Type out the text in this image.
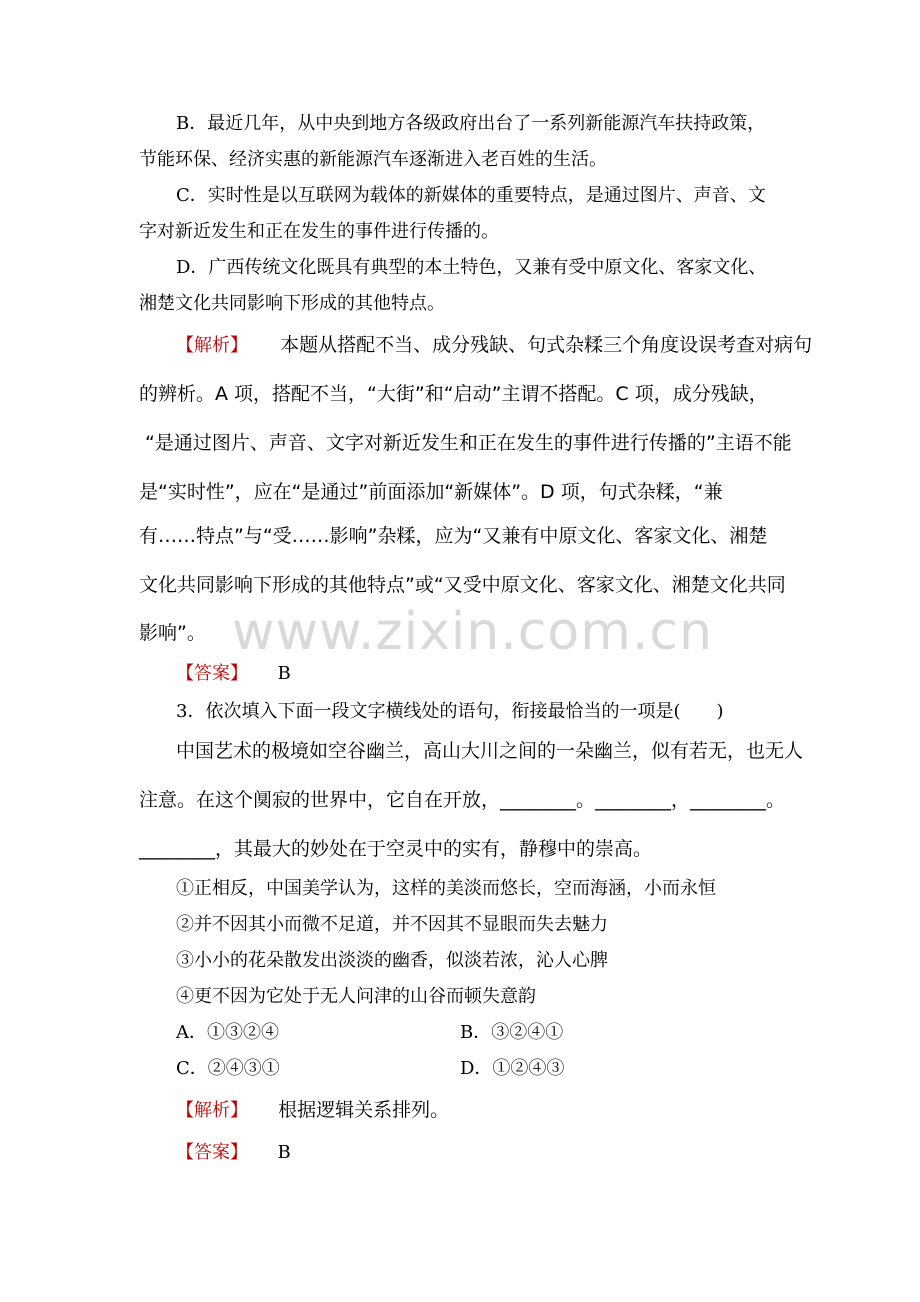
B．最近几年，从中央到地方各级政府出台了一系列新能源汽车扶持政策，
节能环保、经济实惠的新能源汽车逐渐进入老百姓的生活。
C．实时性是以互联网为载体的新媒体的重要特点，是通过图片、声音、文
字对新近发生和正在发生的事件进行传播的。
D．广西传统文化既具有典型的本土特色，又兼有受中原文化、客家文化、
湘楚文化共同影响下形成的其他特点。
【解析】 本题从搭配不当、成分残缺、句式杂糅三个角度设误考查对病句
的辨析。A 项，搭配不当，“大街”和“启动”主谓不搭配。C 项，成分残缺，
“是通过图片、声音、文字对新近发生和正在发生的事件进行传播的”主语不能
是“实时性”，应在“是通过”前面添加“新媒体”。D 项，句式杂糅，“兼
有……特点”与“受……影响”杂糅，应为“又兼有中原文化、客家文化、湘楚
文化共同影响下形成的其他特点”或“又受中原文化、客家文化、湘楚文化共同
影响”。 www.zixin.com.cn
【答案】 B
3．依次填入下面一段文字横线处的语句，衔接最恰当的一项是(　　)
中国艺术的极境如空谷幽兰，高山大川之间的一朵幽兰，似有若无，也无人
注意。在这个阒寂的世界中，它自在开放，________。________，________。
________，其最大的妙处在于空灵中的实有，静穆中的崇高。
①正相反，中国美学认为，这样的美淡而悠长，空而海涵，小而永恒
②并不因其小而微不足道，并不因其不显眼而失去魅力
③小小的花朵散发出淡淡的幽香，似淡若浓，沁人心脾
④更不因为它处于无人问津的山谷而顿失意韵
A．①③②④	B．③②④①
C．②④③①	D．①②④③
【解析】 根据逻辑关系排列。
【答案】 B
